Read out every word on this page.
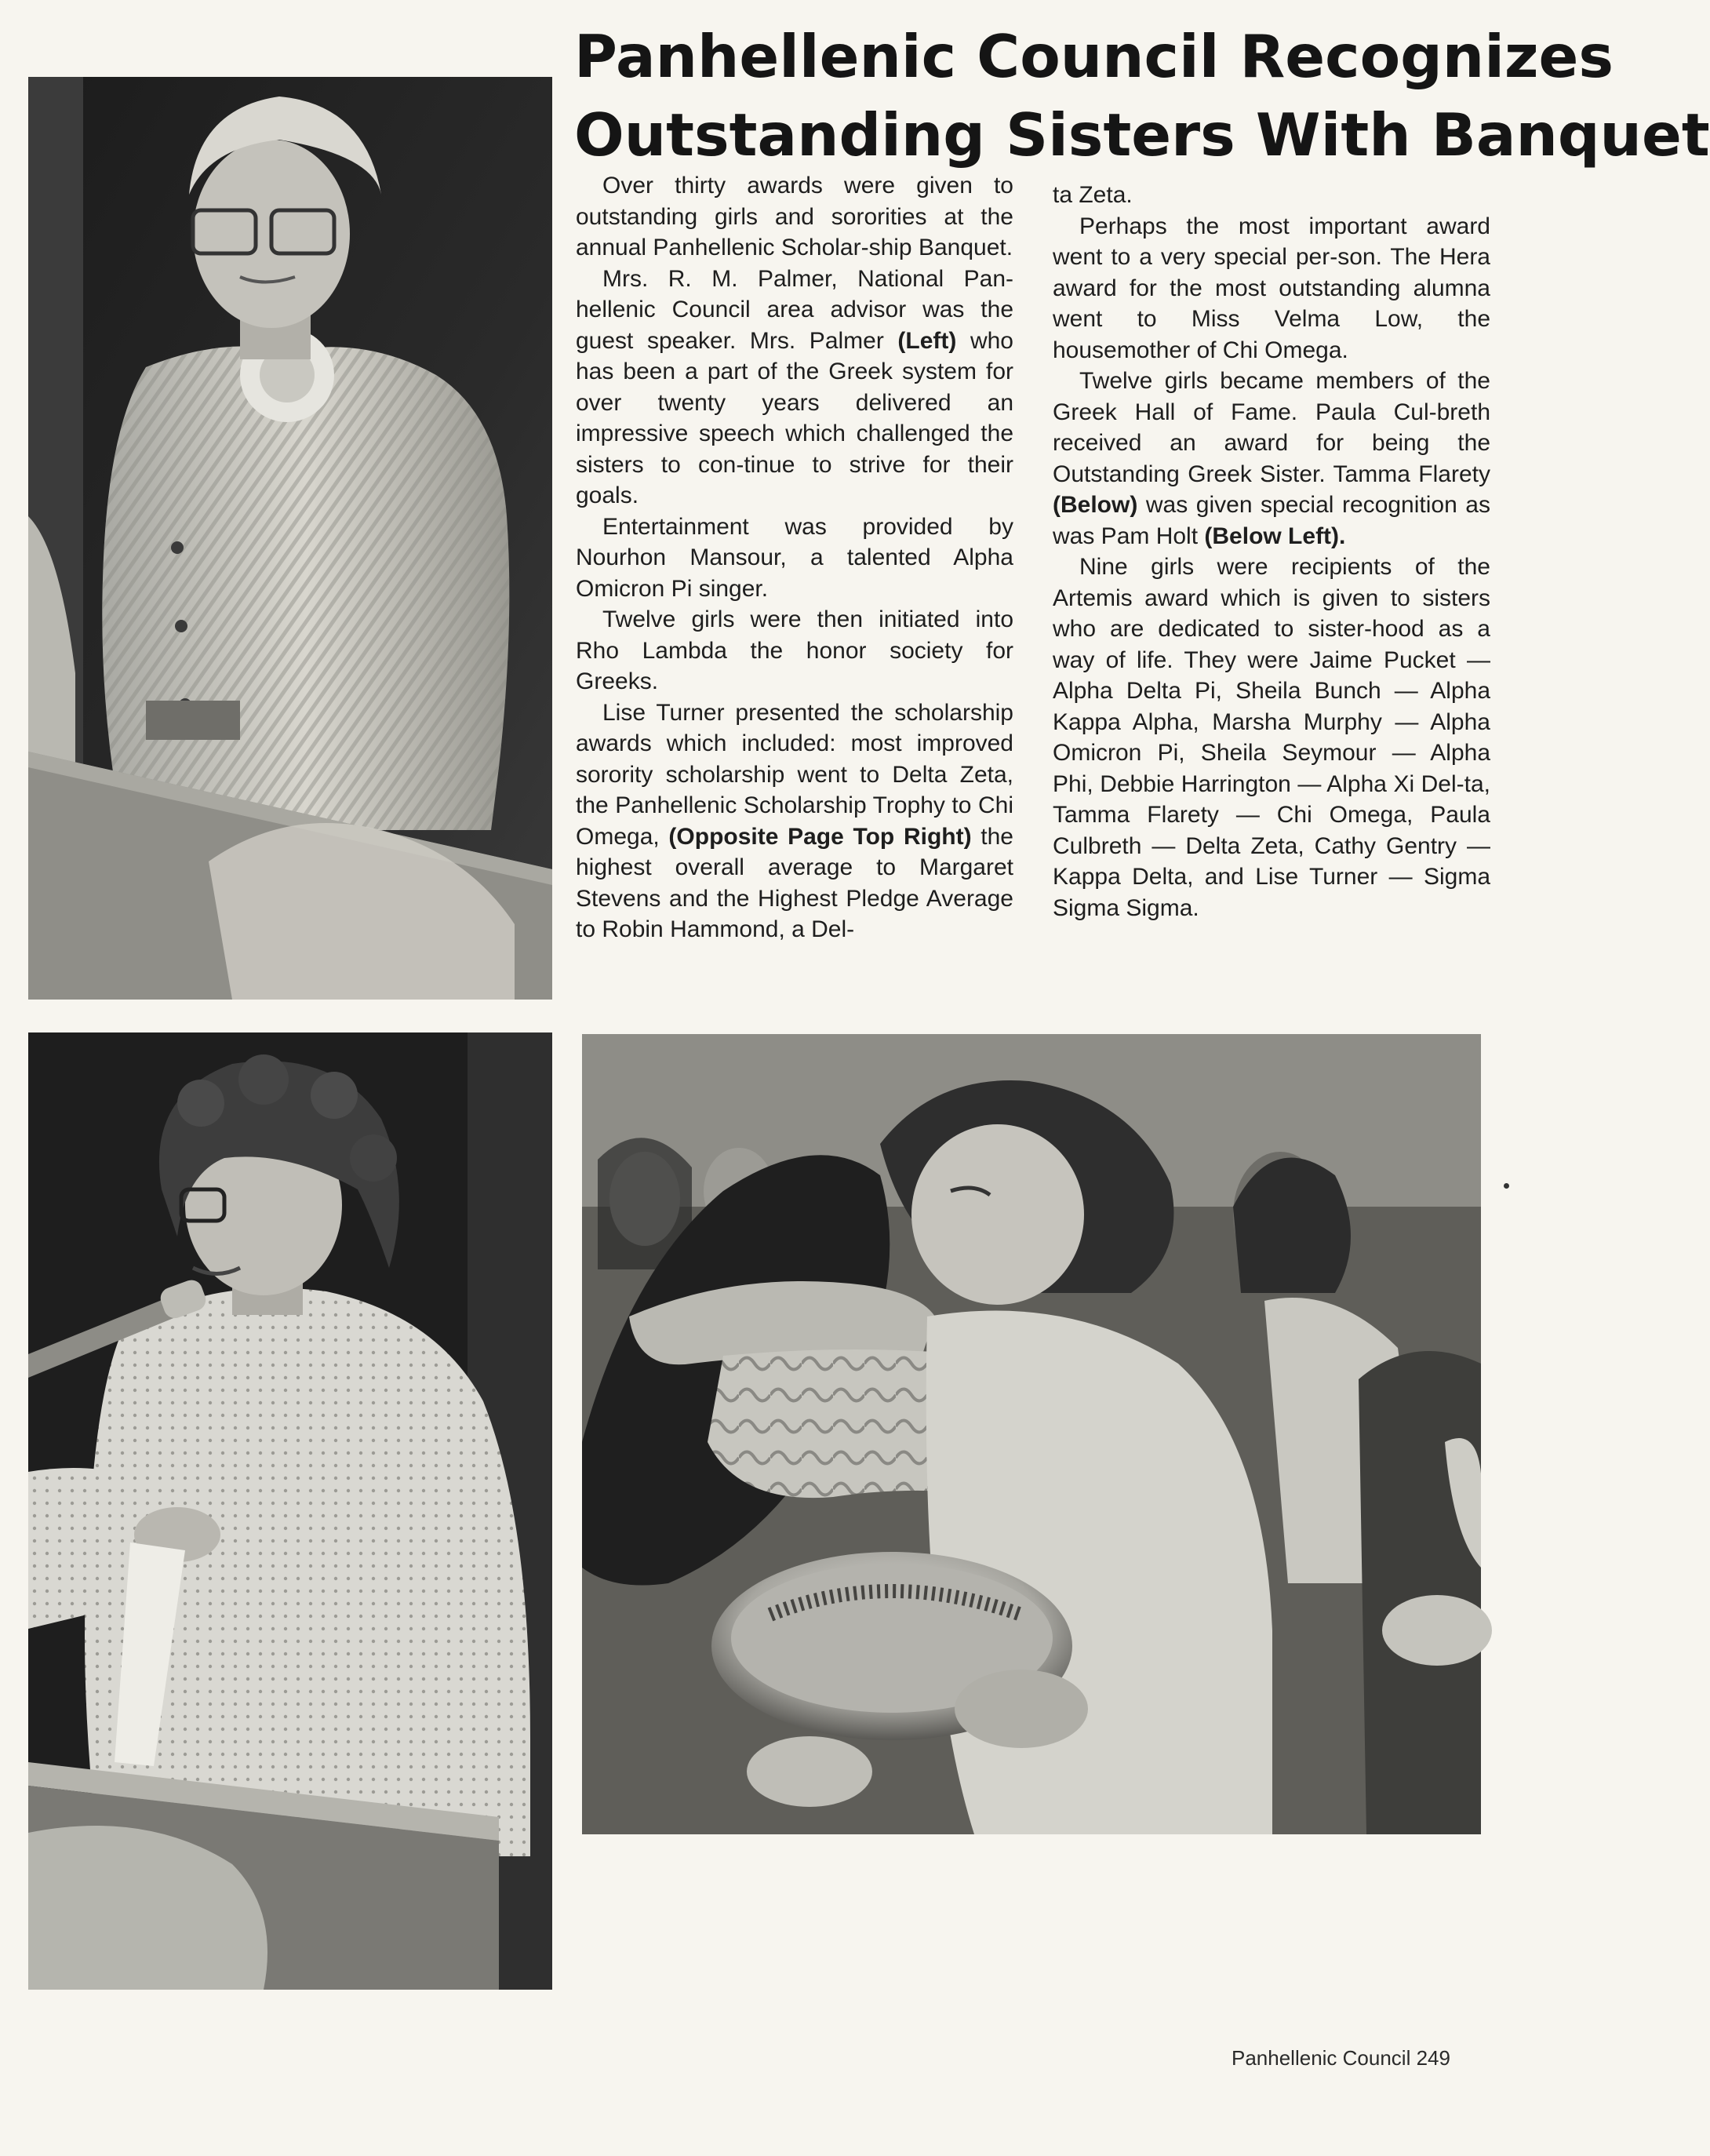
Panhellenic Council Recognizes
Outstanding Sisters With Banquet

Over thirty awards were given to outstanding girls and sororities at the annual Panhellenic Scholar-ship Banquet.

Mrs. R. M. Palmer, National Pan-hellenic Council area advisor was the guest speaker. Mrs. Palmer (Left) who has been a part of the Greek system for over twenty years delivered an impressive speech which challenged the sisters to con-tinue to strive for their goals.

Entertainment was provided by Nourhon Mansour, a talented Alpha Omicron Pi singer.

Twelve girls were then initiated into Rho Lambda the honor society for Greeks.

Lise Turner presented the scholarship awards which included: most improved sorority scholarship went to Delta Zeta, the Panhellenic Scholarship Trophy to Chi Omega, (Opposite Page Top Right) the highest overall average to Margaret Stevens and the Highest Pledge Average to Robin Hammond, a Del-

ta Zeta.

Perhaps the most important award went to a very special per-son. The Hera award for the most outstanding alumna went to Miss Velma Low, the housemother of Chi Omega.

Twelve girls became members of the Greek Hall of Fame. Paula Cul-breth received an award for being the Outstanding Greek Sister. Tamma Flarety (Below) was given special recognition as was Pam Holt (Below Left).

Nine girls were recipients of the Artemis award which is given to sisters who are dedicated to sister-hood as a way of life. They were Jaime Pucket — Alpha Delta Pi, Sheila Bunch — Alpha Kappa Alpha, Marsha Murphy — Alpha Omicron Pi, Sheila Seymour — Alpha Phi, Debbie Harrington — Alpha Xi Del-ta, Tamma Flarety — Chi Omega, Paula Culbreth — Delta Zeta, Cathy Gentry — Kappa Delta, and Lise Turner — Sigma Sigma Sigma.

Panhellenic Council 249
